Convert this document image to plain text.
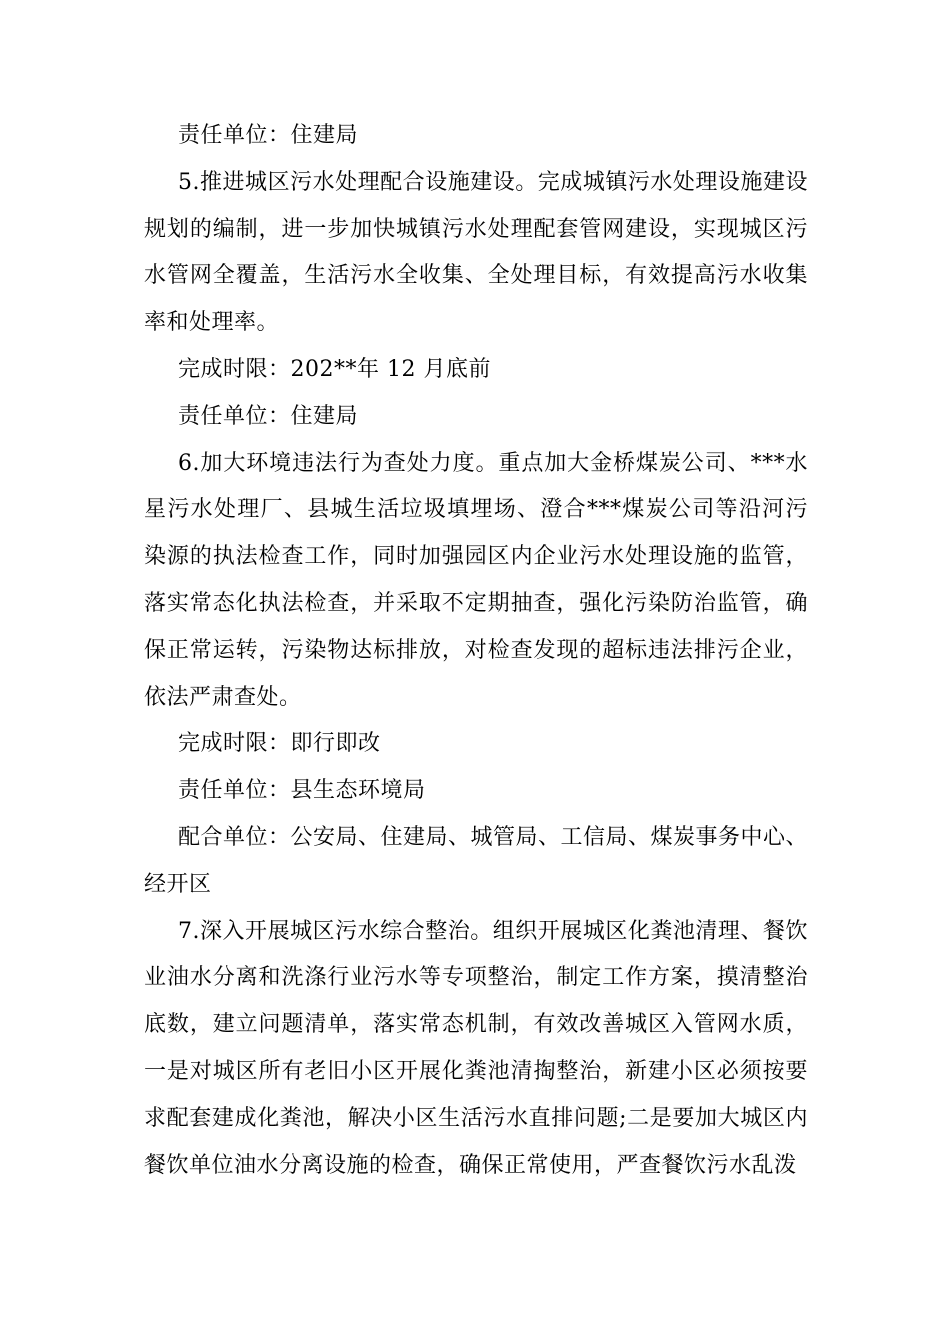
责任单位：住建局

5.推进城区污水处理配合设施建设。完成城镇污水处理设施建设规划的编制，进一步加快城镇污水处理配套管网建设，实现城区污水管网全覆盖，生活污水全收集、全处理目标，有效提高污水收集率和处理率。

完成时限：202**年 12 月底前

责任单位：住建局

6.加大环境违法行为查处力度。重点加大金桥煤炭公司、***水星污水处理厂、县城生活垃圾填埋场、澄合***煤炭公司等沿河污染源的执法检查工作，同时加强园区内企业污水处理设施的监管，落实常态化执法检查，并采取不定期抽查，强化污染防治监管，确保正常运转，污染物达标排放，对检查发现的超标违法排污企业，依法严肃查处。

完成时限：即行即改

责任单位：县生态环境局

配合单位：公安局、住建局、城管局、工信局、煤炭事务中心、经开区

7.深入开展城区污水综合整治。组织开展城区化粪池清理、餐饮业油水分离和洗涤行业污水等专项整治，制定工作方案，摸清整治底数，建立问题清单，落实常态机制，有效改善城区入管网水质，一是对城区所有老旧小区开展化粪池清掏整治，新建小区必须按要求配套建成化粪池，解决小区生活污水直排问题;二是要加大城区内餐饮单位油水分离设施的检查，确保正常使用，严查餐饮污水乱泼
